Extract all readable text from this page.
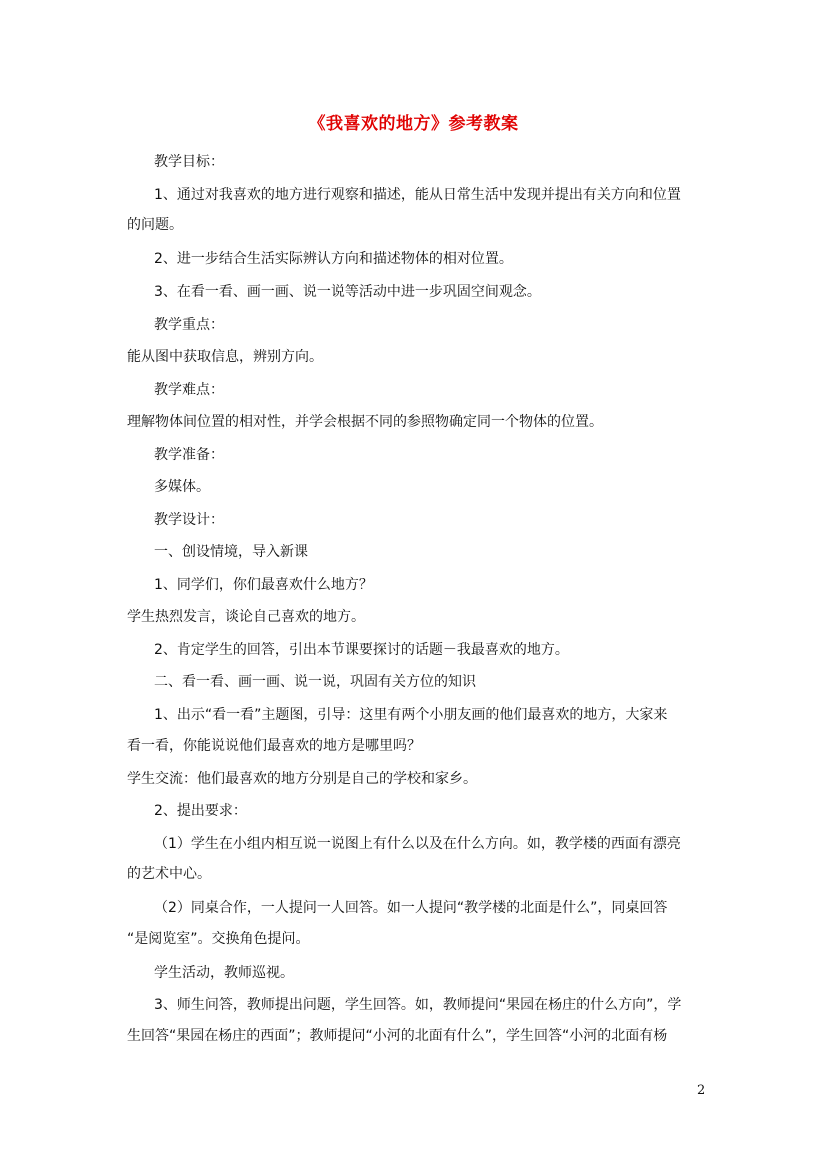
《我喜欢的地方》参考教案
教学目标：
1、通过对我喜欢的地方进行观察和描述，能从日常生活中发现并提出有关方向和位置
的问题。
2、进一步结合生活实际辨认方向和描述物体的相对位置。
3、在看一看、画一画、说一说等活动中进一步巩固空间观念。
教学重点：
能从图中获取信息，辨别方向。
教学难点：
理解物体间位置的相对性，并学会根据不同的参照物确定同一个物体的位置。
教学准备：
多媒体。
教学设计：
一、创设情境，导入新课
1、同学们，你们最喜欢什么地方？
学生热烈发言，谈论自己喜欢的地方。
2、肯定学生的回答，引出本节课要探讨的话题－我最喜欢的地方。
二、看一看、画一画、说一说，巩固有关方位的知识
1、出示“看一看”主题图，引导：这里有两个小朋友画的他们最喜欢的地方，大家来
看一看，你能说说他们最喜欢的地方是哪里吗？
学生交流：他们最喜欢的地方分别是自己的学校和家乡。
2、提出要求：
（1）学生在小组内相互说一说图上有什么以及在什么方向。如，教学楼的西面有漂亮
的艺术中心。
（2）同桌合作，一人提问一人回答。如一人提问“教学楼的北面是什么”，同桌回答
“是阅览室”。交换角色提问。
学生活动，教师巡视。
3、师生问答，教师提出问题，学生回答。如，教师提问“果园在杨庄的什么方向”，学
生回答“果园在杨庄的西面”；教师提问“小河的北面有什么”，学生回答“小河的北面有杨
2
